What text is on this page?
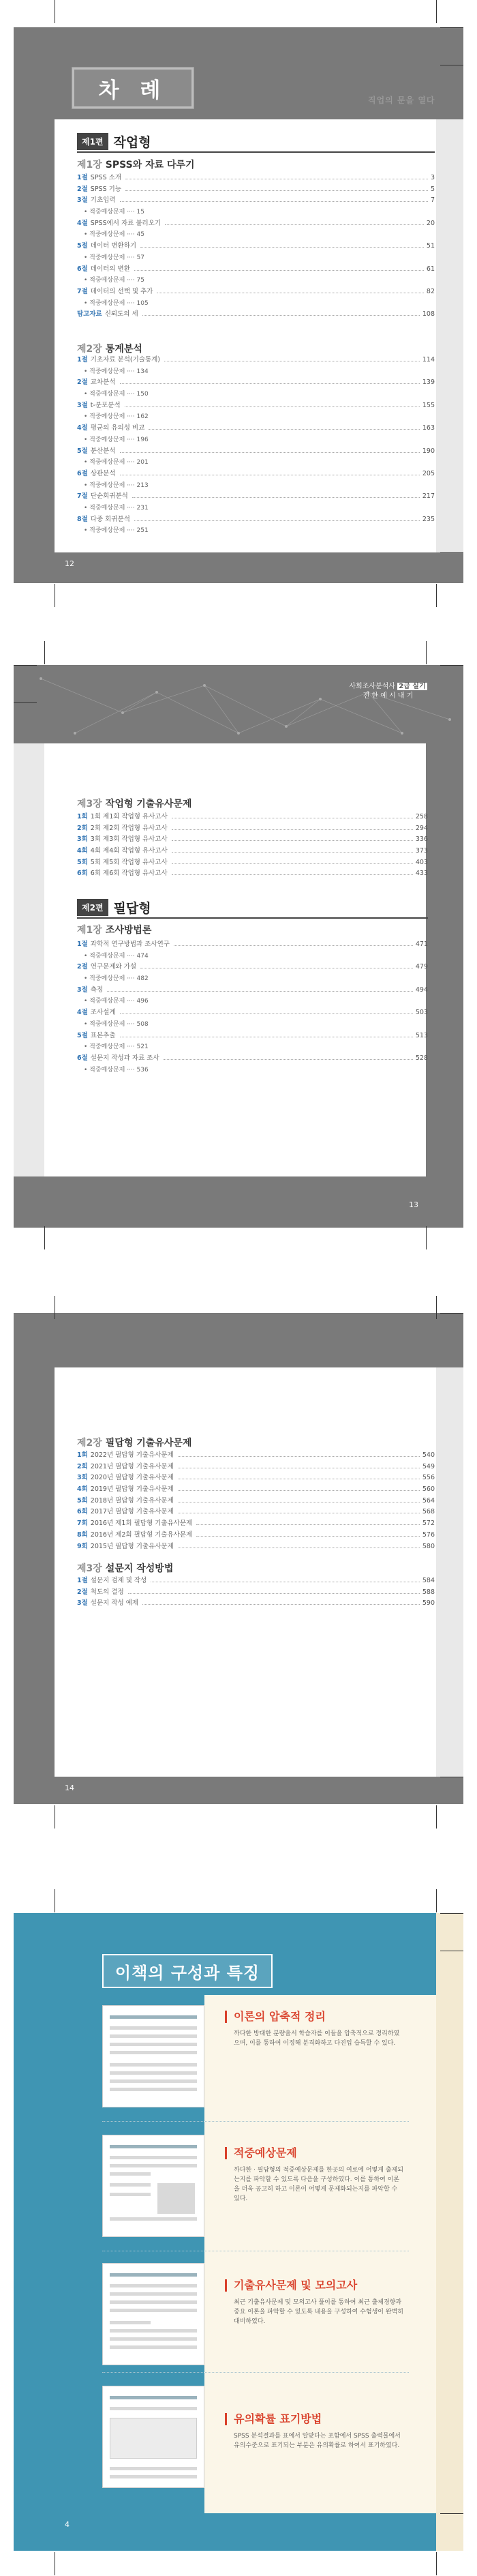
차 례	직업의 문을 열다
제1편 작업형
제1장 SPSS와 자료 다루기
1절 SPSS 소개	3
2절 SPSS 기능	5
3절 기초입력	7
• 적중예상문제 ···· 15
4절 SPSS에서 자료 불러오기	20
• 적중예상문제 ···· 45
5절 데이터 변환하기	51
• 적중예상문제 ···· 57
6절 데이터의 변환	61
• 적중예상문제 ···· 75
7절 데이터의 선택 및 추가	82
• 적중예상문제 ···· 105
탐고자료 신뢰도의 세	108
제2장 통계분석
1절 기초자료 분석(기술통계)	114
• 적중예상문제 ···· 134
2절 교차분석	139
• 적중예상문제 ···· 150
3절 t-분포분석	155
• 적중예상문제 ···· 162
4절 평균의 유의성 비교	163
• 적중예상문제 ···· 196
5절 분산분석	190
• 적중예상문제 ···· 201
6절 상관분석	205
• 적중예상문제 ···· 213
7절 단순회귀분석	217
• 적중예상문제 ···· 231
8절 다중 회귀분석	235
• 적중예상문제 ···· 251
12
사회조사분석사 2급 실기
전 한 예 시 내 기
제3장 작업형 기출유사문제
1회 1회 제1회 작업형 유사고사	258
2회 2회 제2회 작업형 유사고사	294
3회 3회 제3회 작업형 유사고사	336
4회 4회 제4회 작업형 유사고사	373
5회 5회 제5회 작업형 유사고사	403
6회 6회 제6회 작업형 유사고사	433
제2편 필답형
제1장 조사방법론
1절 과학적 연구방법과 조사연구	471
• 적중예상문제 ···· 474
2절 연구문제와 가설	479
• 적중예상문제 ···· 482
3절 측정	494
• 적중예상문제 ···· 496
4절 조사설계	503
• 적중예상문제 ···· 508
5절 표본추출	513
• 적중예상문제 ···· 521
6절 설문지 작성과 자료 조사	528
• 적중예상문제 ···· 536
13
제2장 필답형 기출유사문제
1회 2022년 필답형 기출유사문제	540
2회 2021년 필답형 기출유사문제	549
3회 2020년 필답형 기출유사문제	556
4회 2019년 필답형 기출유사문제	560
5회 2018년 필답형 기출유사문제	564
6회 2017년 필답형 기출유사문제	568
7회 2016년 제1회 필답형 기출유사문제	572
8회 2016년 제2회 필답형 기출유사문제	576
9회 2015년 필답형 기출유사문제	580
제3장 설문지 작성방법
1절 설문지 검제 및 작성	584
2절 척도의 결정	588
3절 설문지 작성 예제	590
14
이책의 구성과 특징
이론의 압축적 정리
까다한 방대한 분량을서 학습자를 이들을 압축적으로 정리하였으며, 이를 통하여 이정해 분격화하고 다진입 습득할 수 있다.
적중예상문제
까다한 · 필답형의 적중예상문제를 한곳의 여로에 어떻게 출제되는지를 파악할 수 있도록 다음을 구성하였다. 이를 통하여 이론을 더욱 공고히 하고 이론이 어떻게 문제화되는지를 파악할 수 있다.
기출유사문제 및 모의고사
최근 기출유사문제 및 모의고사 풀이를 통하여 최근 출제경향과 중요 이론을 파악할 수 있도록 내용을 구성하여 수험생이 완벽히 대비하였다.
유의확률 표기방법
SPSS 분석결과를 표에서 알맞다는 포함에서 SPSS 출력물에서 유의수준으로 표기되는 부분은 유의확률로 하여서 표기하였다.
4
